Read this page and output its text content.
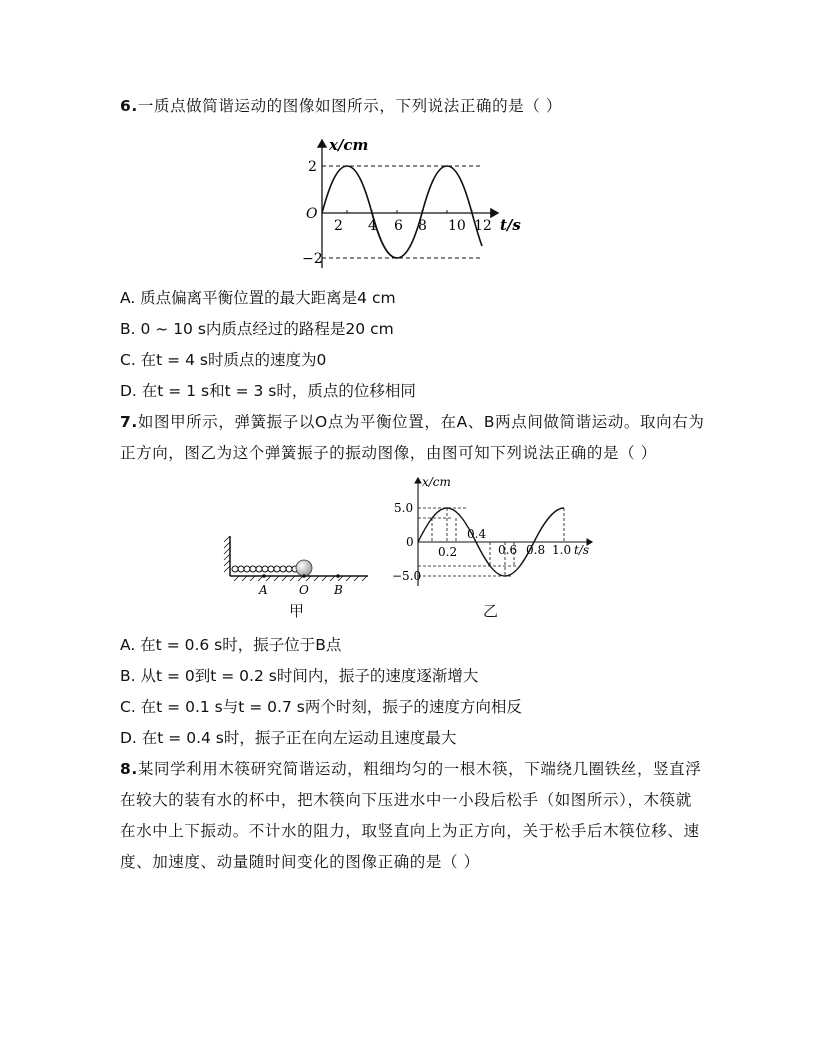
6.一质点做简谐运动的图像如图所示，下列说法正确的是（ ）
x/cm
O
2
−2
2 4 6 8 10 12 t/s
A. 质点偏离平衡位置的最大距离是4 cm
B. 0 ~ 10 s内质点经过的路程是20 cm
C. 在t = 4 s时质点的速度为0
D. 在t = 1 s和t = 3 s时，质点的位移相同
7.如图甲所示，弹簧振子以O点为平衡位置，在A、B两点间做简谐运动。取向右为
正方向，图乙为这个弹簧振子的振动图像，由图可知下列说法正确的是（ ）
A	O B
甲
x/cm
5.0
0
−5.0
0.2
0.4
0.6 0.8 1.0 t/s
乙
A. 在t = 0.6 s时，振子位于B点
B. 从t = 0到t = 0.2 s时间内，振子的速度逐渐增大
C. 在t = 0.1 s与t = 0.7 s两个时刻，振子的速度方向相反
D. 在t = 0.4 s时，振子正在向左运动且速度最大
8.某同学利用木筷研究简谐运动，粗细均匀的一根木筷，下端绕几圈铁丝，竖直浮
在较大的装有水的杯中，把木筷向下压进水中一小段后松手（如图所示），木筷就
在水中上下振动。不计水的阻力，取竖直向上为正方向，关于松手后木筷位移、速
度、加速度、动量随时间变化的图像正确的是（ ）
